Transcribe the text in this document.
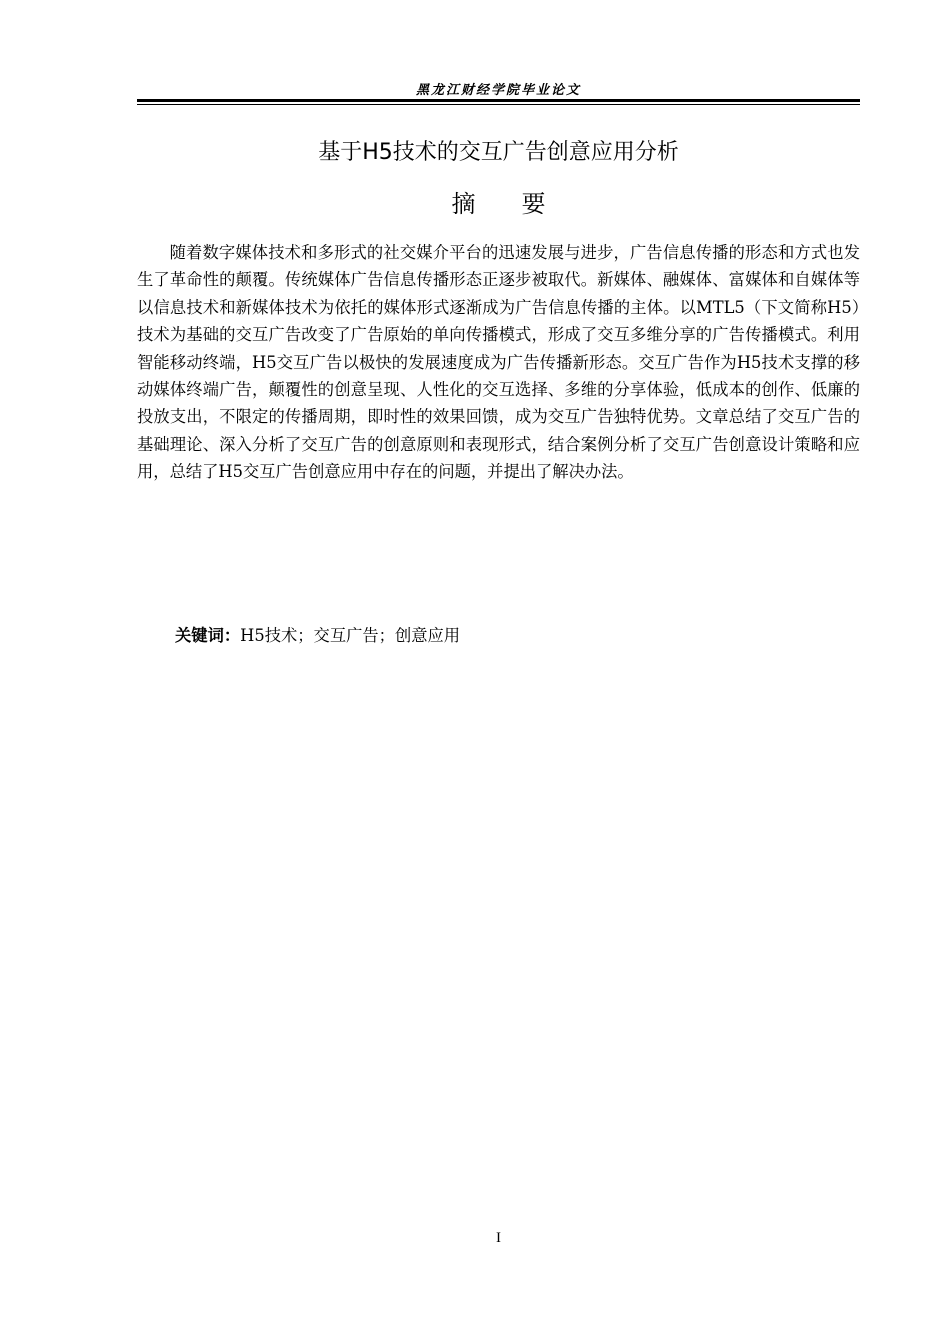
黑龙江财经学院毕业论文
基于H5技术的交互广告创意应用分析
摘 要

随着数字媒体技术和多形式的社交媒介平台的迅速发展与进步，广告信息传播的形态和方式也发生了革命性的颠覆。传统媒体广告信息传播形态正逐步被取代。新媒体、融媒体、富媒体和自媒体等以信息技术和新媒体技术为依托的媒体形式逐渐成为广告信息传播的主体。以MTL5（下文简称H5）技术为基础的交互广告改变了广告原始的单向传播模式，形成了交互多维分享的广告传播模式。利用智能移动终端，H5交互广告以极快的发展速度成为广告传播新形态。交互广告作为H5技术支撑的移动媒体终端广告，颠覆性的创意呈现、人性化的交互选择、多维的分享体验，低成本的创作、低廉的投放支出，不限定的传播周期，即时性的效果回馈，成为交互广告独特优势。文章总结了交互广告的基础理论、深入分析了交互广告的创意原则和表现形式，结合案例分析了交互广告创意设计策略和应用，总结了H5交互广告创意应用中存在的问题，并提出了解决办法。

关键词：H5技术；交互广告；创意应用
I
